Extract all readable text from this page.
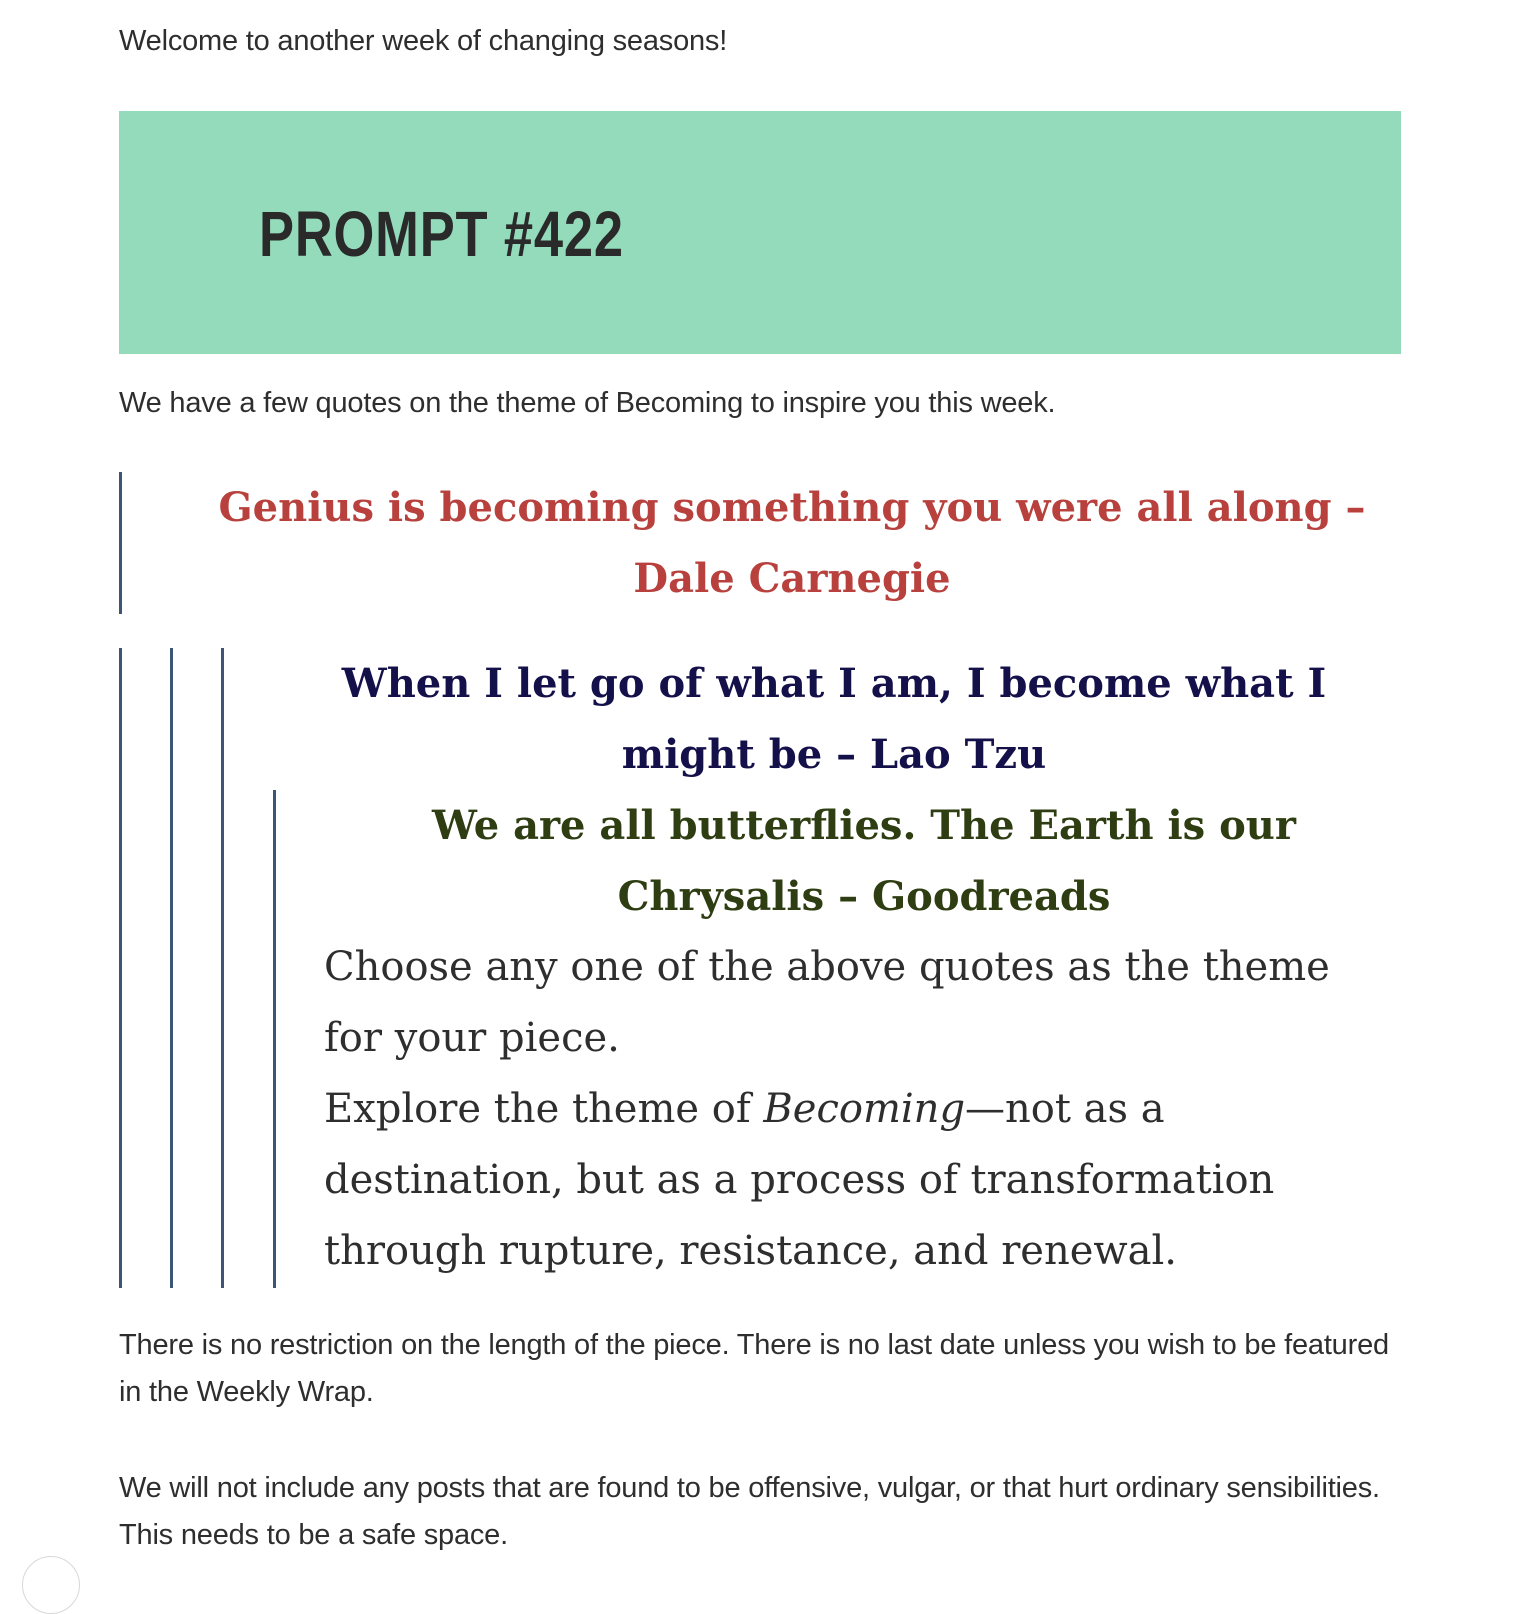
Welcome to another week of changing seasons!

PROMPT #422

We have a few quotes on the theme of Becoming to inspire you this week.

Genius is becoming something you were all along – Dale Carnegie

When I let go of what I am, I become what I might be – Lao Tzu

We are all butterflies. The Earth is our Chrysalis – Goodreads

Choose any one of the above quotes as the theme for your piece.

Explore the theme of Becoming—not as a destination, but as a process of transformation through rupture, resistance, and renewal.

There is no restriction on the length of the piece. There is no last date unless you wish to be featured in the Weekly Wrap.

We will not include any posts that are found to be offensive, vulgar, or that hurt ordinary sensibilities. This needs to be a safe space.
